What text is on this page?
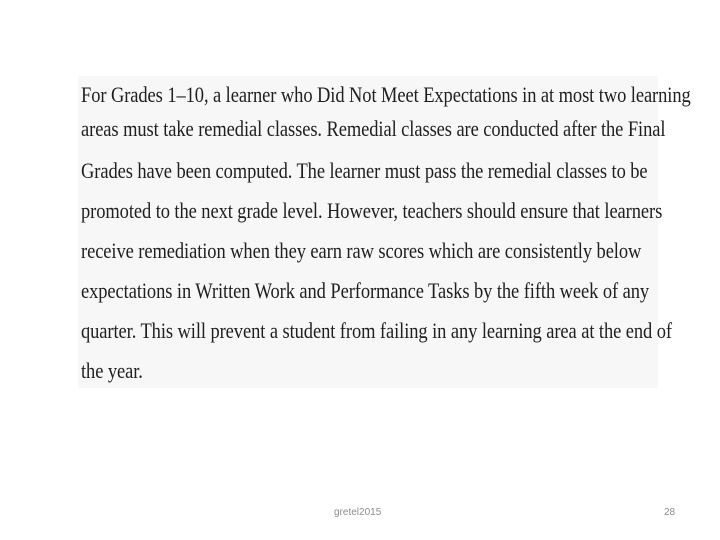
For Grades 1–10, a learner who Did Not Meet Expectations in at most two learning
areas must take remedial classes. Remedial classes are conducted after the Final
Grades have been computed. The learner must pass the remedial classes to be
promoted to the next grade level. However, teachers should ensure that learners
receive remediation when they earn raw scores which are consistently below
expectations in Written Work and Performance Tasks by the fifth week of any
quarter. This will prevent a student from failing in any learning area at the end of
the year.
gretel2015	28
